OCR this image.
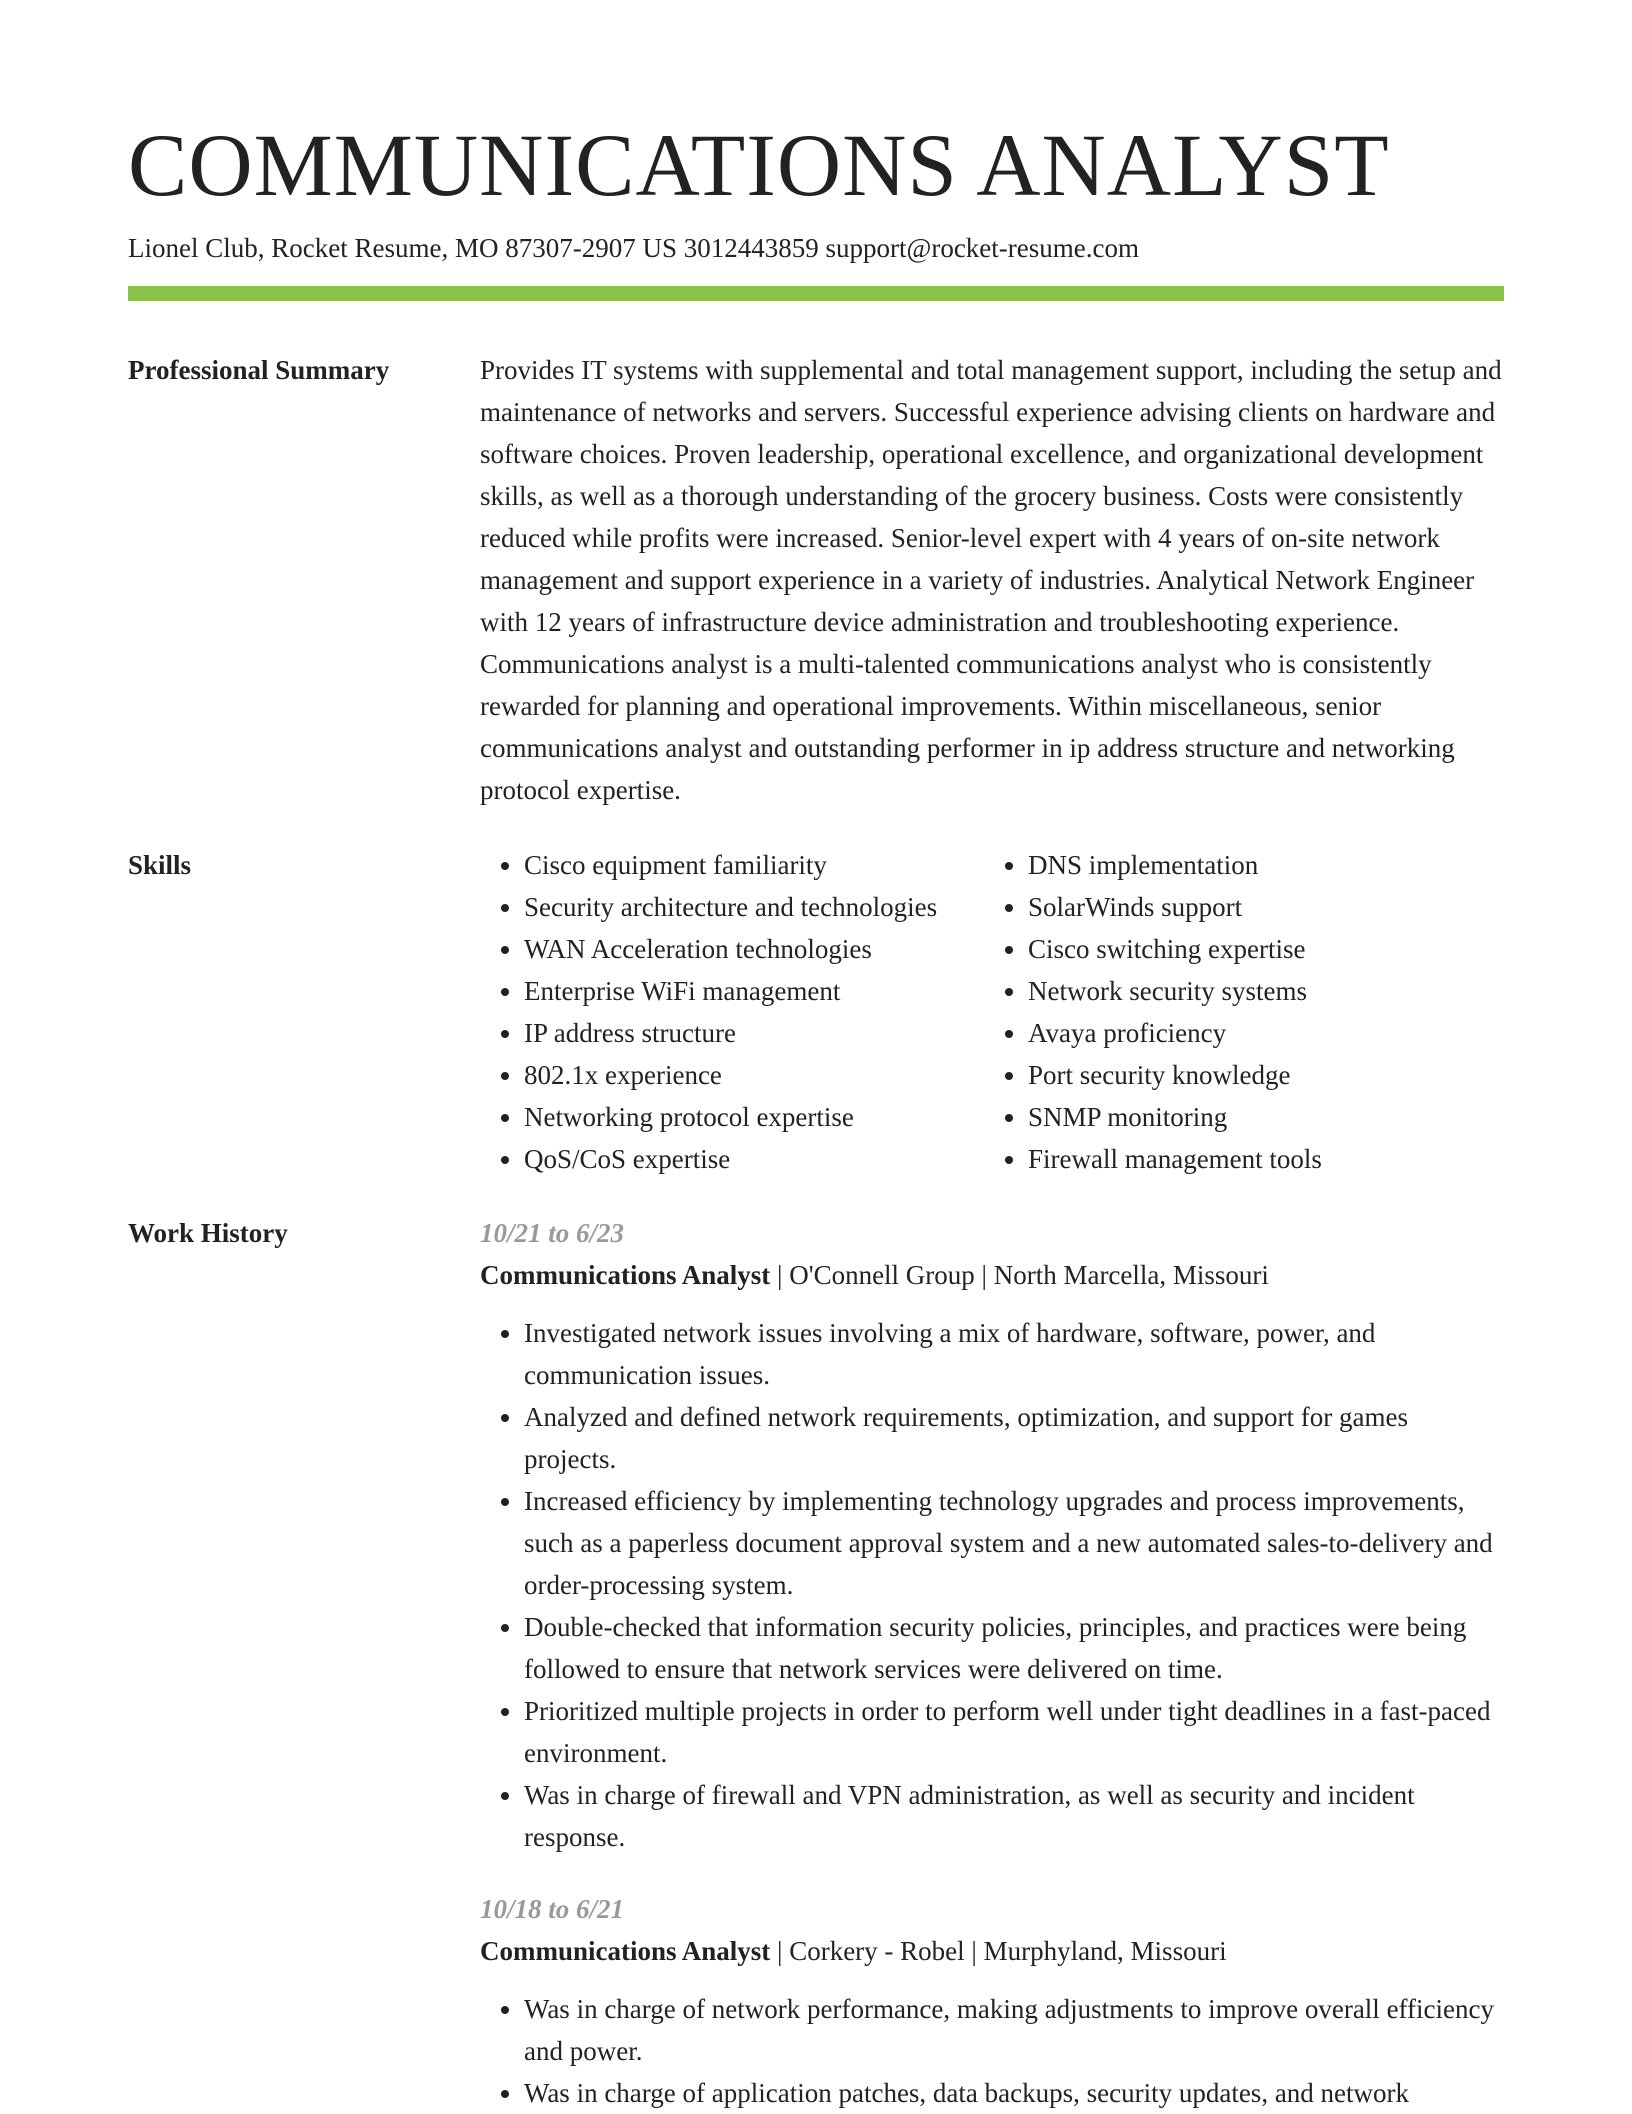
COMMUNICATIONS ANALYST
Lionel Club, Rocket Resume, MO 87307-2907 US 3012443859 support@rocket-resume.com
Professional Summary	Provides IT systems with supplemental and total management support, including the setup and maintenance of networks and servers. Successful experience advising clients on hardware and software choices. Proven leadership, operational excellence, and organizational development skills, as well as a thorough understanding of the grocery business. Costs were consistently reduced while profits were increased. Senior-level expert with 4 years of on-site network management and support experience in a variety of industries. Analytical Network Engineer with 12 years of infrastructure device administration and troubleshooting experience. Communications analyst is a multi-talented communications analyst who is consistently rewarded for planning and operational improvements. Within miscellaneous, senior communications analyst and outstanding performer in ip address structure and networking protocol expertise.

Skills
•	Cisco equipment familiarity
• Security architecture and technologies
• WAN Acceleration technologies
• Enterprise WiFi management
• IP address structure
• 802.1x experience
• Networking protocol expertise
• QoS/CoS expertise
• DNS implementation
• SolarWinds support
• Cisco switching expertise
• Network security systems
• Avaya proficiency
• Port security knowledge
• SNMP monitoring
• Firewall management tools
Work History	10/21 to 6/23
Communications Analyst | O'Connell Group | North Marcella, Missouri
• Investigated network issues involving a mix of hardware, software, power, and communication issues.
• Analyzed and defined network requirements, optimization, and support for games projects.
• Increased efficiency by implementing technology upgrades and process improvements, such as a paperless document approval system and a new automated sales-to-delivery and order-processing system.
• Double-checked that information security policies, principles, and practices were being followed to ensure that network services were delivered on time.
• Prioritized multiple projects in order to perform well under tight deadlines in a fast-paced environment.
• Was in charge of firewall and VPN administration, as well as security and incident response.
10/18 to 6/21
Communications Analyst | Corkery - Robel | Murphyland, Missouri
• Was in charge of network performance, making adjustments to improve overall efficiency and power.
• Was in charge of application patches, data backups, security updates, and network
